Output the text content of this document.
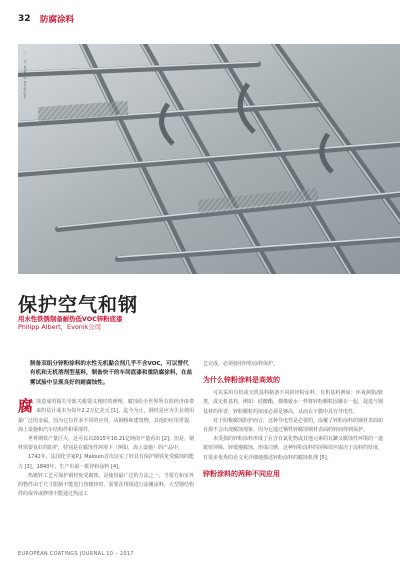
32	防腐涂料
ra/Fotolia (image: © ...)
保护空气和钢
用水性铁锈制备耐热低VOC锌粉底漆
Philipp Albert，Evonik公司

制备双组分锌粉涂料的水性无机黏合剂几乎不含VOC，可以替代有机和无机溶剂型基料，制备快干的车间底漆和重防腐涂料，在盐雾试验中呈现良好的耐腐蚀性。

腐蚀造成的损失导致关税领又耗时的修理，腐蚀给全世界所有的经济体带来的估计成本为每年2.2万亿美元 [1]，迄今为止，钢材是应为失业使用最广泛的金属，因为它有许多不同的应用，从钢桥和建筑物，其他的应用常提，海上设施和汽车结构件和零部件。

世界钢铁产量巨大，这可以以2015年16.21亿吨的产量看出 [2]，但是，钢材需要良好的防护，特别是在腐蚀性环境下（例如，海上设施）的产品中。

1742年，法国化学家P.J. Malouin首次证实了锌具有保护钢铁免受腐蚀的能力 [3]，1840年，生产出第一批锌粉涂料 [4]。

热镀锌工艺可保护钢材免受腐蚀，是使用最广泛的方法之一，当要方和室外的物件由于尺寸限制不能进行热镀锌时，需要在现场进行涂覆涂料，大型钢结构件的保养或修理不能通过热浸工

艺完成，必须使用锌粉涂料保护。

为什么锌粉涂料是高效的

可以采用有机或无机基料制备不同的锌粉涂料，有机基料例如：环氧树脂/胺类，或无机基料，例如：硅酸酯，都像致水一样将锌粉颗粒固聚在一起，促进与钢基材的所者，锌粉颗粒的浓度必须足够高，从而在干膜中具有导电性。

对于阴极腐蚀防护而言，这种导电性是必要的，涂覆了锌粉涂料的钢材表面如有损不会出现腐蚀现象，因为它通过牺牲锌腐蚀钢材表面的锌而得到保护。

未受损的锌粉涂料形成了在含有氯化物或其他元素的瓦罐又腐蚀性环境的一道致密屏障，锌缓慢腐蚀，形成白锈，这种锌粉涂料的屏障效应取决于涂料的厚度，有很多优秀的论文更详细地描述锌粉涂料的腐蚀机理 [5]。

锌粉涂料的两种不同应用
EUROPEAN COATINGS JOURNAL 10 – 2017
